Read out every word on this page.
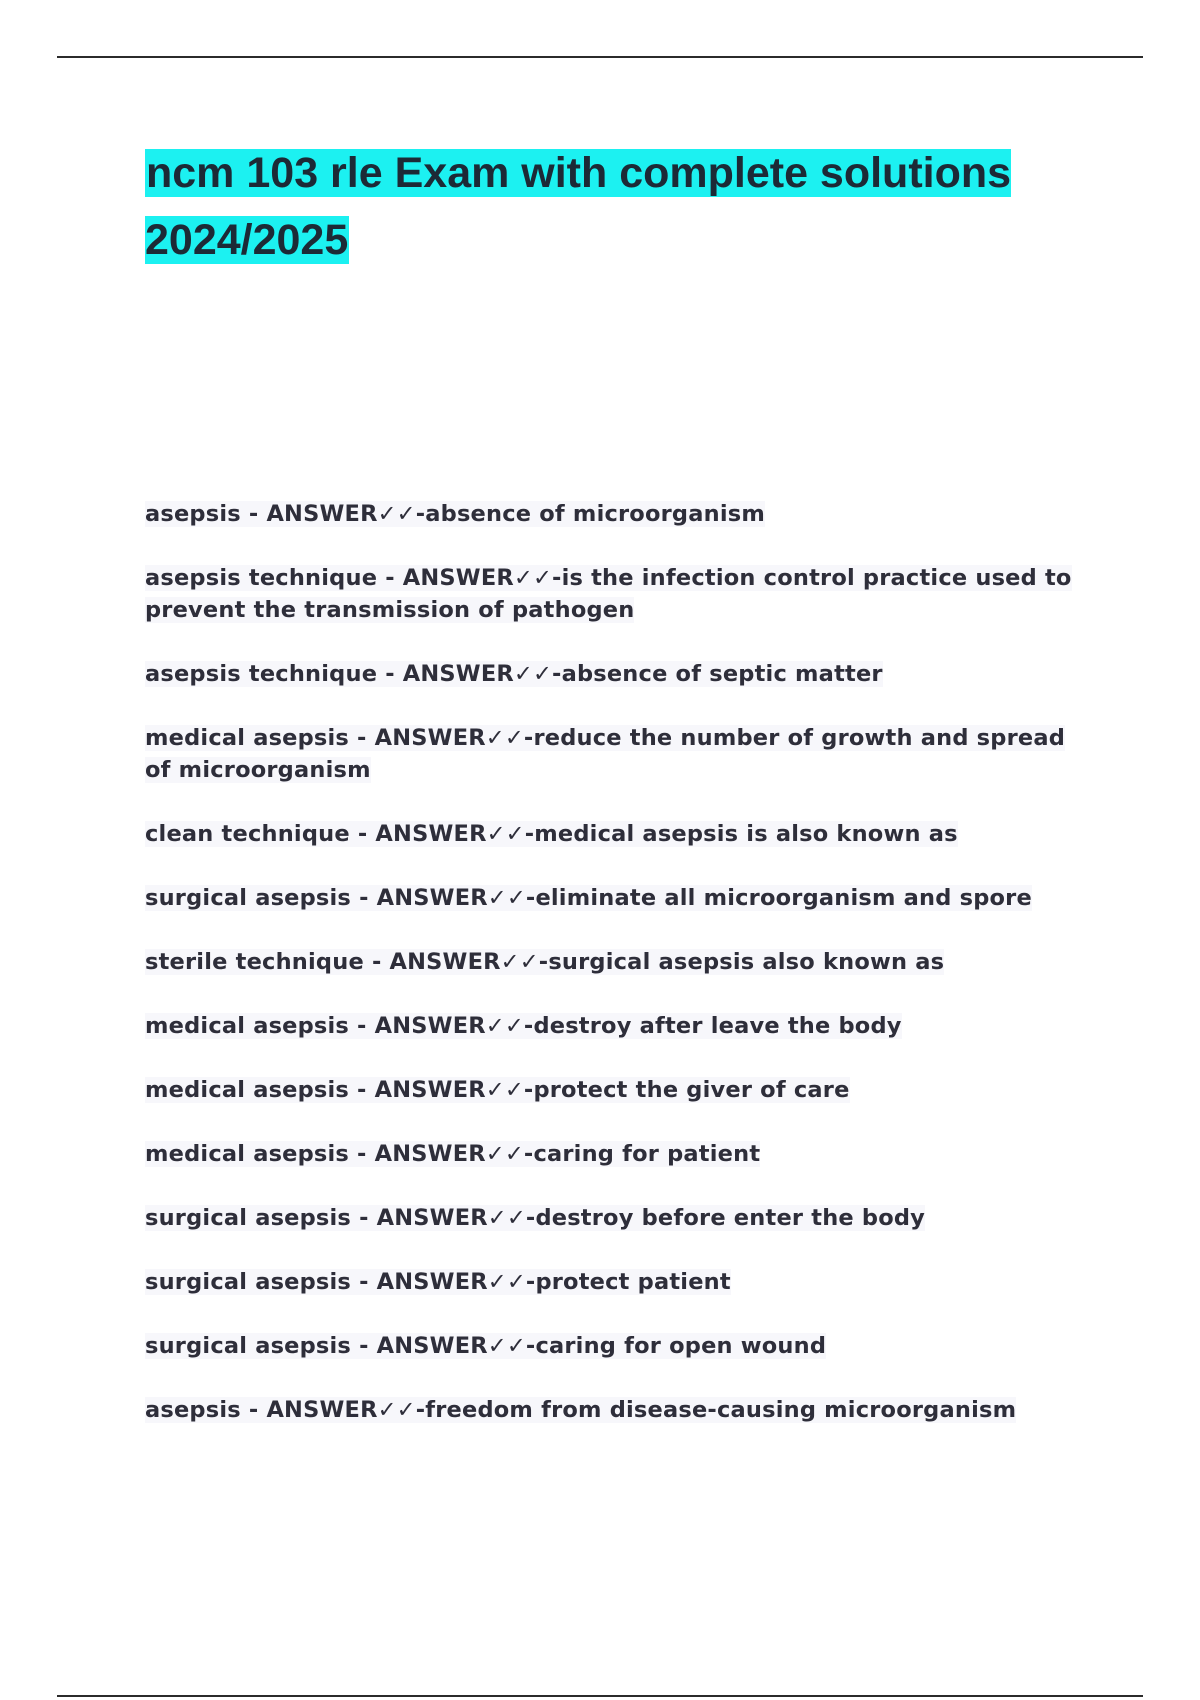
ncm 103 rle Exam with complete solutions 2024/2025
asepsis - ANSWER✓✓-absence of microorganism
asepsis technique - ANSWER✓✓-is the infection control practice used to prevent the transmission of pathogen
asepsis technique - ANSWER✓✓-absence of septic matter
medical asepsis - ANSWER✓✓-reduce the number of growth and spread of microorganism
clean technique - ANSWER✓✓-medical asepsis is also known as
surgical asepsis - ANSWER✓✓-eliminate all microorganism and spore
sterile technique - ANSWER✓✓-surgical asepsis also known as
medical asepsis - ANSWER✓✓-destroy after leave the body
medical asepsis - ANSWER✓✓-protect the giver of care
medical asepsis - ANSWER✓✓-caring for patient
surgical asepsis - ANSWER✓✓-destroy before enter the body
surgical asepsis - ANSWER✓✓-protect patient
surgical asepsis - ANSWER✓✓-caring for open wound
asepsis - ANSWER✓✓-freedom from disease-causing microorganism
